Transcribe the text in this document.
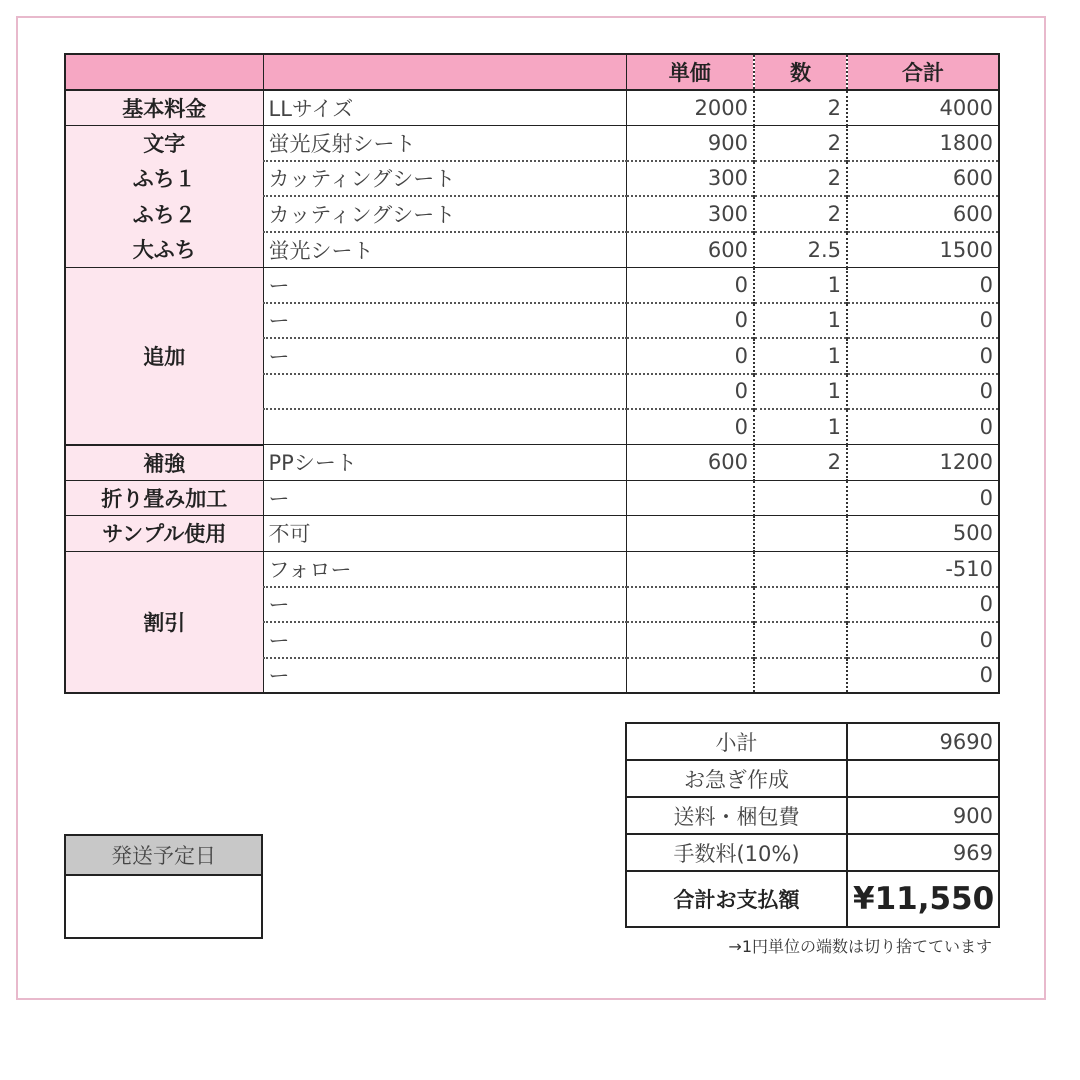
		単価	数	合計
基本料金	LLサイズ	2000	2	4000
文字	蛍光反射シート	900	2	1800
ふち１	カッティングシート	300	2	600
ふち２	カッティングシート	300	2	600
大ふち	蛍光シート	600	2.5	1500
追加	ー	0	1	0
	ー	0	1	0
	ー	0	1	0
		0	1	0
		0	1	0
補強	PPシート	600	2	1200
折り畳み加工	ー			0
サンプル使用	不可			500
割引	フォロー			-510
	ー			0
	ー			0
	ー			0
小計	9690
お急ぎ作成	
送料・梱包費	900
手数料(10%)	969
合計お支払額	¥11,550
→1円単位の端数は切り捨てています
発送予定日
